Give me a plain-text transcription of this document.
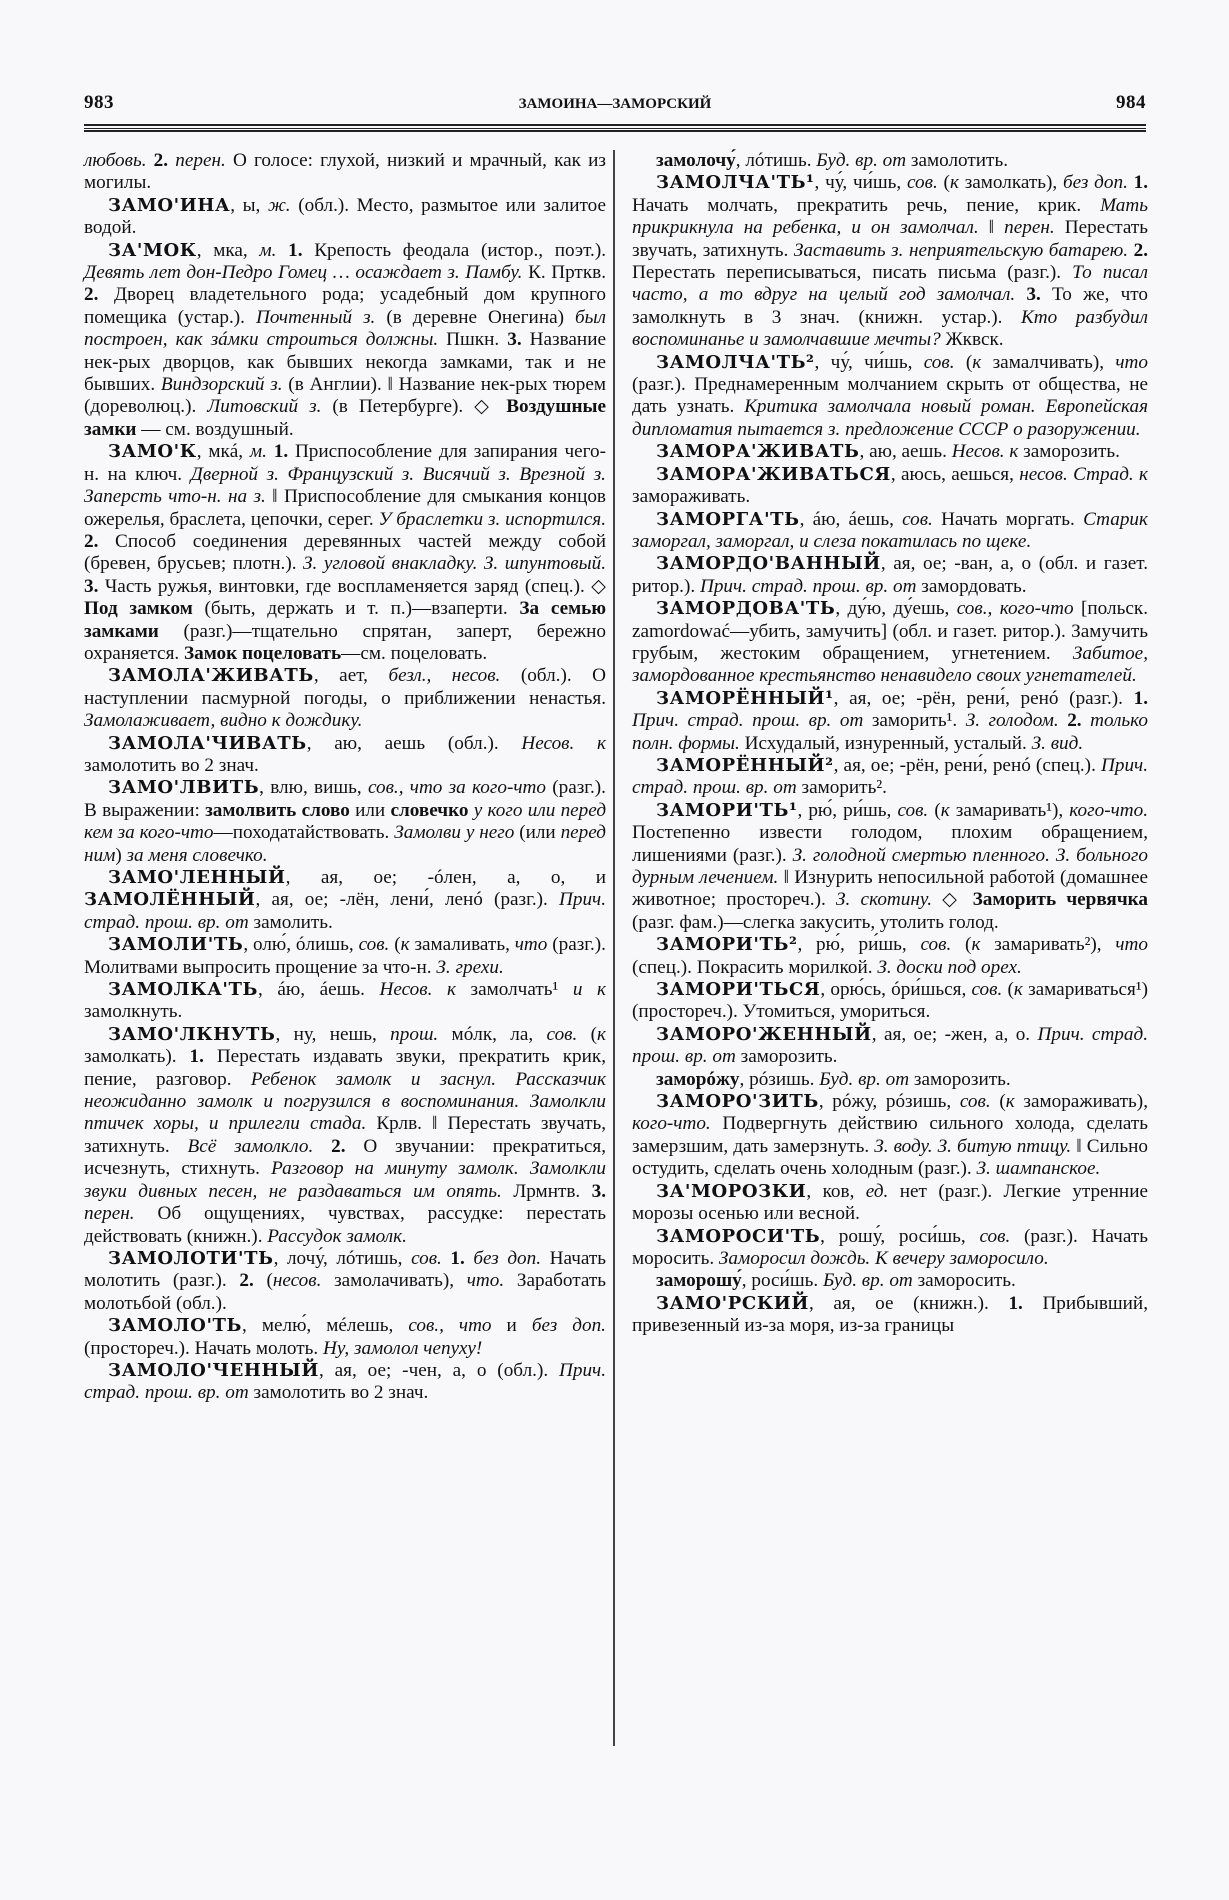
983	ЗАМОИНА—ЗАМОРСКИЙ	984

любовь. 2. перен. О голосе: глухой, низкий и мрачный, как из могилы.

ЗАМО'ИНА, ы, ж. (обл.). Место, размытое или залитое водой.

ЗА'МОК, мка, м. 1. Крепость феодала (истор., поэт.). Девять лет дон-Педро Гомец … осаждает з. Памбу. К. Прткв. 2. Дворец владетельного рода; усадебный дом крупного помещика (устар.). Почтенный з. (в деревне Онегина) был построен, как зáмки строиться должны. Пшкн. 3. Название нек-рых дворцов, как бывших некогда замками, так и не бывших. Виндзорский з. (в Англии). ‖ Название нек-рых тюрем (дореволюц.). Литовский з. (в Петербурге). ◇ Воздушные замки — см. воздушный.

ЗАМО'К, мкá, м. 1. Приспособление для запирания чего-н. на ключ. Дверной з. Французский з. Висячий з. Врезной з. Заперсть что-н. на з. ‖ Приспособление для смыкания концов ожерелья, браслета, цепочки, серег. У браслетки з. испортился. 2. Способ соединения деревянных частей между собой (бревен, брусьев; плотн.). З. угловой внакладку. З. шпунтовый. 3. Часть ружья, винтовки, где воспламеняется заряд (спец.). ◇ Под замком (быть, держать и т. п.)—взаперти. За семью замками (разг.)—тщательно спрятан, заперт, бережно охраняется. Замок поцеловать—см. поцеловать.

ЗАМОЛА'ЖИВАТЬ, ает, безл., несов. (обл.). О наступлении пасмурной погоды, о приближении ненастья. Замолаживает, видно к дождику.

ЗАМОЛА'ЧИВАТЬ, аю, аешь (обл.). Несов. к замолотить во 2 знач.

ЗАМО'ЛВИТЬ, влю, вишь, сов., что за кого-что (разг.). В выражении: замолвить слово или словечко у кого или перед кем за кого-что—походатайствовать. Замолви у него (или перед ним) за меня словечко.

ЗАМО'ЛЕННЫЙ, ая, ое; -óлен, а, о, и ЗАМОЛЁННЫЙ, ая, ое; -лён, лени́, ленó (разг.). Прич. страд. прош. вр. от замолить.

ЗАМОЛИ'ТЬ, олю́, óлишь, сов. (к замаливать, что (разг.). Молитвами выпросить прощение за что-н. З. грехи.

ЗАМОЛКА'ТЬ, áю, áешь. Несов. к замолчать¹ и к замолкнуть.

ЗАМО'ЛКНУТЬ, ну, нешь, прош. мóлк, ла, сов. (к замолкать). 1. Перестать издавать звуки, прекратить крик, пение, разговор. Ребенок замолк и заснул. Рассказчик неожиданно замолк и погрузился в воспоминания. Замолкли птичек хоры, и прилегли стада. Крлв. ‖ Перестать звучать, затихнуть. Всё замолкло. 2. О звучании: прекратиться, исчезнуть, стихнуть. Разговор на минуту замолк. Замолкли звуки дивных песен, не раздаваться им опять. Лрмнтв. 3. перен. Об ощущениях, чувствах, рассудке: перестать действовать (книжн.). Рассудок замолк.

ЗАМОЛОТИ'ТЬ, лочу́, лóтишь, сов. 1. без доп. Начать молотить (разг.). 2. (несов. замолачивать), что. Заработать молотьбой (обл.).

ЗАМОЛО'ТЬ, мелю́, мéлешь, сов., что и без доп. (простореч.). Начать молоть. Ну, замолол чепуху!

ЗАМОЛО'ЧЕННЫЙ, ая, ое; -чен, а, о (обл.). Прич. страд. прош. вр. от замолотить во 2 знач.

замолочу́, лóтишь. Буд. вр. от замолотить.

ЗАМОЛЧА'ТЬ¹, чу́, чи́шь, сов. (к замолкать), без доп. 1. Начать молчать, прекратить речь, пение, крик. Мать прикрикнула на ребенка, и он замолчал. ‖ перен. Перестать звучать, затихнуть. Заставить з. неприятельскую батарею. 2. Перестать переписываться, писать письма (разг.). То писал часто, а то вдруг на целый год замолчал. 3. То же, что замолкнуть в 3 знач. (книжн. устар.). Кто разбудил воспоминанье и замолчавшие мечты? Жквск.

ЗАМОЛЧА'ТЬ², чу́, чи́шь, сов. (к замалчивать), что (разг.). Преднамеренным молчанием скрыть от общества, не дать узнать. Критика замолчала новый роман. Европейская дипломатия пытается з. предложение СССР о разоружении.

ЗАМОРА'ЖИВАТЬ, аю, аешь. Несов. к заморозить.

ЗАМОРА'ЖИВАТЬСЯ, аюсь, аешься, несов. Страд. к замораживать.

ЗАМОРГА'ТЬ, áю, áешь, сов. Начать моргать. Старик заморгал, заморгал, и слеза покатилась по щеке.

ЗАМОРДО'ВАННЫЙ, ая, ое; -ван, а, о (обл. и газет. ритор.). Прич. страд. прош. вр. от замордовать.

ЗАМОРДОВА'ТЬ, ду́ю, ду́ешь, сов., кого-что [польск. zamordować—убить, замучить] (обл. и газет. ритор.). Замучить грубым, жестоким обращением, угнетением. Забитое, замордованное крестьянство ненавидело своих угнетателей.

ЗАМОРЁННЫЙ¹, ая, ое; -рён, рени́, ренó (разг.). 1. Прич. страд. прош. вр. от заморить¹. З. голодом. 2. только полн. формы. Исхудалый, изнуренный, усталый. З. вид.

ЗАМОРЁННЫЙ², ая, ое; -рён, рени́, ренó (спец.). Прич. страд. прош. вр. от заморить².

ЗАМОРИ'ТЬ¹, рю́, ри́шь, сов. (к замаривать¹), кого-что. Постепенно извести голодом, плохим обращением, лишениями (разг.). З. голодной смертью пленного. З. больного дурным лечением. ‖ Изнурить непосильной работой (домашнее животное; простореч.). З. скотину. ◇ Заморить червячка (разг. фам.)—слегка закусить, утолить голод.

ЗАМОРИ'ТЬ², рю́, ри́шь, сов. (к замаривать²), что (спец.). Покрасить морилкой. З. доски под орех.

ЗАМОРИ'ТЬСЯ, орю́сь, óри́шься, сов. (к замариваться¹) (простореч.). Утомиться, умориться.

ЗАМОРО'ЖЕННЫЙ, ая, ое; -жен, а, о. Прич. страд. прош. вр. от заморозить.

заморóжу, рóзишь. Буд. вр. от заморозить.

ЗАМОРО'ЗИТЬ, рóжу, рóзишь, сов. (к замораживать), кого-что. Подвергнуть действию сильного холода, сделать замерзшим, дать замерзнуть. З. воду. З. битую птицу. ‖ Сильно остудить, сделать очень холодным (разг.). З. шампанское.

ЗА'МОРОЗКИ, ков, ед. нет (разг.). Легкие утренние морозы осенью или весной.

ЗАМОРОСИ'ТЬ, рошу́, роси́шь, сов. (разг.). Начать моросить. Заморосил дождь. К вечеру заморосило.

заморошу́, роси́шь. Буд. вр. от заморосить.

ЗАМО'РСКИЙ, ая, ое (книжн.). 1. Прибывший, привезенный из-за моря, из-за границы
